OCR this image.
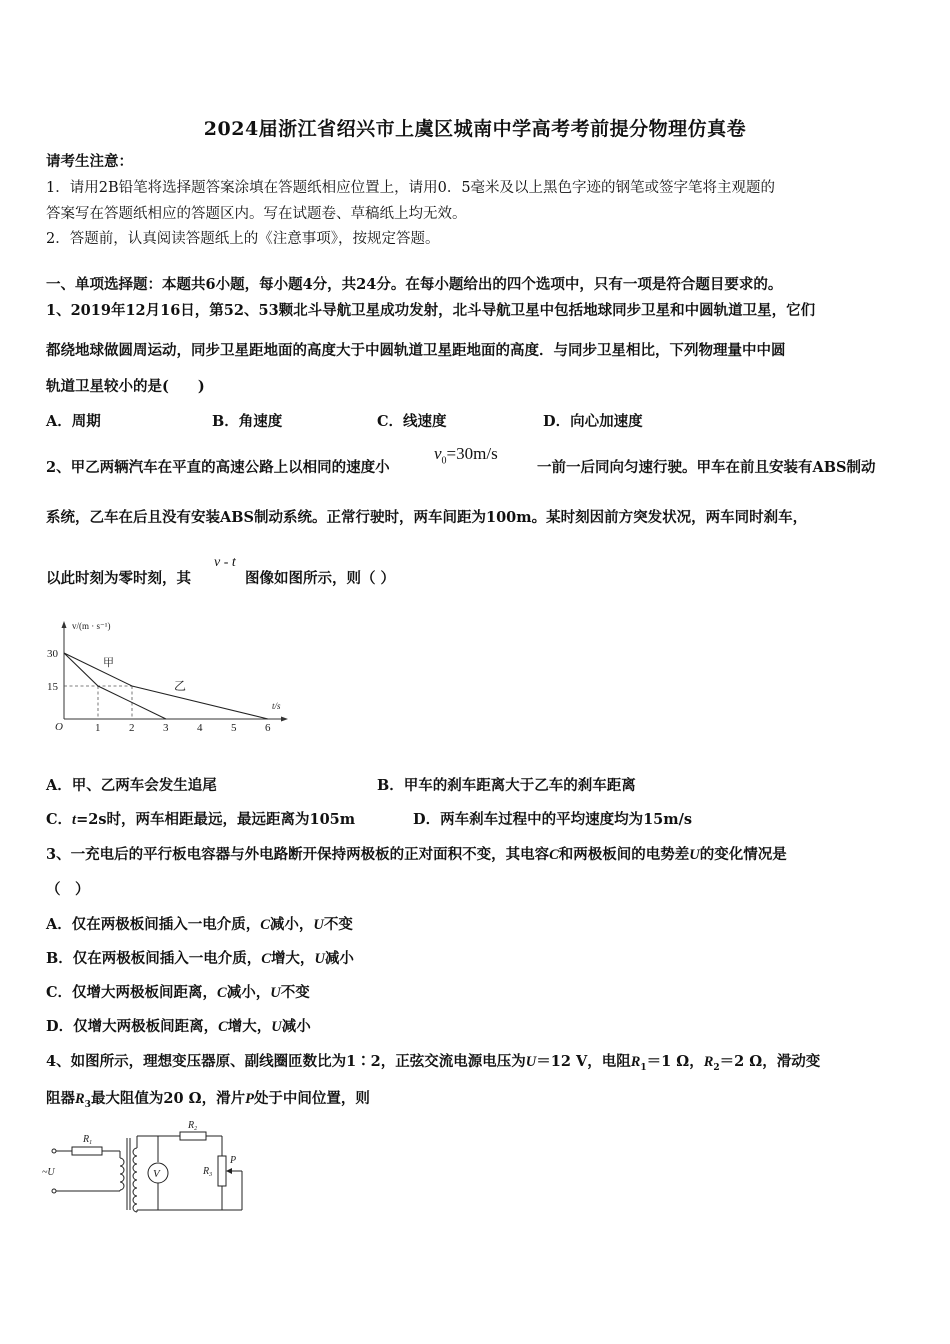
2024届浙江省绍兴市上虞区城南中学高考考前提分物理仿真卷
请考生注意：
1．请用2B铅笔将选择题答案涂填在答题纸相应位置上，请用0．5毫米及以上黑色字迹的钢笔或签字笔将主观题的
答案写在答题纸相应的答题区内。写在试题卷、草稿纸上均无效。
2．答题前，认真阅读答题纸上的《注意事项》，按规定答题。
一、单项选择题：本题共6小题，每小题4分，共24分。在每小题给出的四个选项中，只有一项是符合题目要求的。
1、2019年12月16日，第52、53颗北斗导航卫星成功发射，北斗导航卫星中包括地球同步卫星和中圆轨道卫星，它们
都绕地球做圆周运动，同步卫星距地面的高度大于中圆轨道卫星距地面的高度．与同步卫星相比，下列物理量中中圆
轨道卫星较小的是(　　)
A．周期	B．角速度	C．线速度	D．向心加速度
2、甲乙两辆汽车在平直的高速公路上以相同的速度小
$v_0=30m/s$
一前一后同向匀速行驶。甲车在前且安装有ABS制动
系统，乙车在后且没有安装ABS制动系统。正常行驶时，两车间距为100m。某时刻因前方突发状况，两车同时刹车，
以此时刻为零时刻，其
v - t
图像如图所示，则（ ）
1	2	3	4	5	6
30
15
v/(m · s⁻¹)
t/s
O
甲
乙
A．甲、乙两车会发生追尾	B．甲车的刹车距离大于乙车的刹车距离
C．t=2s时，两车相距最远，最远距离为105m	D．两车刹车过程中的平均速度均为15m/s
3、一充电后的平行板电容器与外电路断开保持两极板的正对面积不变，其电容C和两极板间的电势差U的变化情况是
（　）
A．仅在两极板间插入一电介质，C减小，U不变
B．仅在两极板间插入一电介质，C增大，U减小
C．仅增大两极板间距离，C减小，U不变
D．仅增大两极板间距离，C增大，U减小
4、如图所示，理想变压器原、副线圈匝数比为1∶2，正弦交流电源电压为U＝12 V，电阻$R_1=1$ Ω，$R_2=2$ Ω，滑动变
阻器$R_3$最大阻值为20 Ω，滑片P处于中间位置，则
V
~U
$R_1$
$R_2$
$R_3$
P
